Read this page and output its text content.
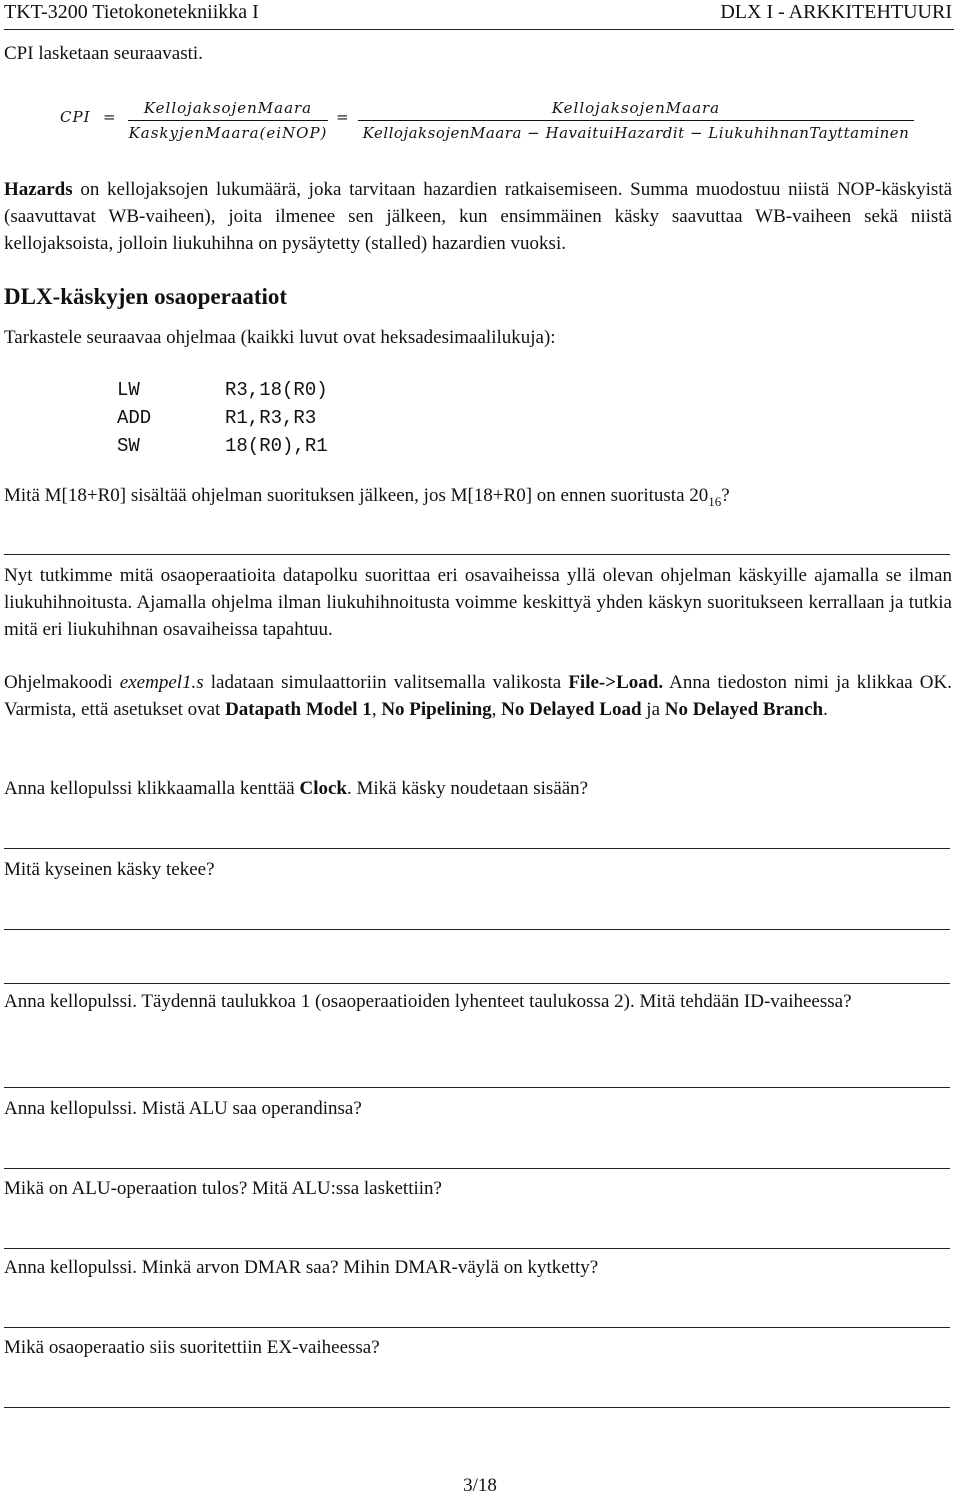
TKT-3200 Tietokonetekniikka I	DLX I - ARKKITEHTUURI

CPI lasketaan seuraavasti.

CPI =	KellojaksojenMaara
KaskyjenMaara(eiNOP)
=	KellojaksojenMaara
KellojaksojenMaara − HavaituiHazardit − LiukuhihnanTayttaminen

Hazards on kellojaksojen lukumäärä, joka tarvitaan hazardien ratkaisemiseen. Summa muodostuu niistä NOP-käskyistä (saavuttavat WB-vaiheen), joita ilmenee sen jälkeen, kun ensimmäinen käsky saavuttaa WB-vaiheen sekä niistä kellojaksoista, jolloin liukuhihna on pysäytetty (stalled) hazardien vuoksi.

DLX-käskyjen osaoperaatiot

Tarkastele seuraavaa ohjelmaa (kaikki luvut ovat heksadesimaalilukuja):

LW	R3,18(R0)
ADD	R1,R3,R3
SW	18(R0),R1

Mitä M[18+R0] sisältää ohjelman suorituksen jälkeen, jos M[18+R0] on ennen suoritusta $20_{16}$?

Nyt tutkimme mitä osaoperaatioita datapolku suorittaa eri osavaiheissa yllä olevan ohjelman käskyille ajamalla se ilman liukuhihnoitusta. Ajamalla ohjelma ilman liukuhihnoitusta voimme keskittyä yhden käskyn suoritukseen kerrallaan ja tutkia mitä eri liukuhihnan osavaiheissa tapahtuu.

Ohjelmakoodi exempel1.s ladataan simulaattoriin valitsemalla valikosta File->Load. Anna tiedoston nimi ja klikkaa OK. Varmista, että asetukset ovat Datapath Model 1, No Pipelining, No Delayed Load ja No Delayed Branch.

Anna kellopulssi klikkaamalla kenttää Clock. Mikä käsky noudetaan sisään?

Mitä kyseinen käsky tekee?

Anna kellopulssi. Täydennä taulukkoa 1 (osaoperaatioiden lyhenteet taulukossa 2). Mitä tehdään ID-vaiheessa?

Anna kellopulssi. Mistä ALU saa operandinsa?

Mikä on ALU-operaation tulos? Mitä ALU:ssa laskettiin?

Anna kellopulssi. Minkä arvon DMAR saa? Mihin DMAR-väylä on kytketty?

Mikä osaoperaatio siis suoritettiin EX-vaiheessa?

3/18
